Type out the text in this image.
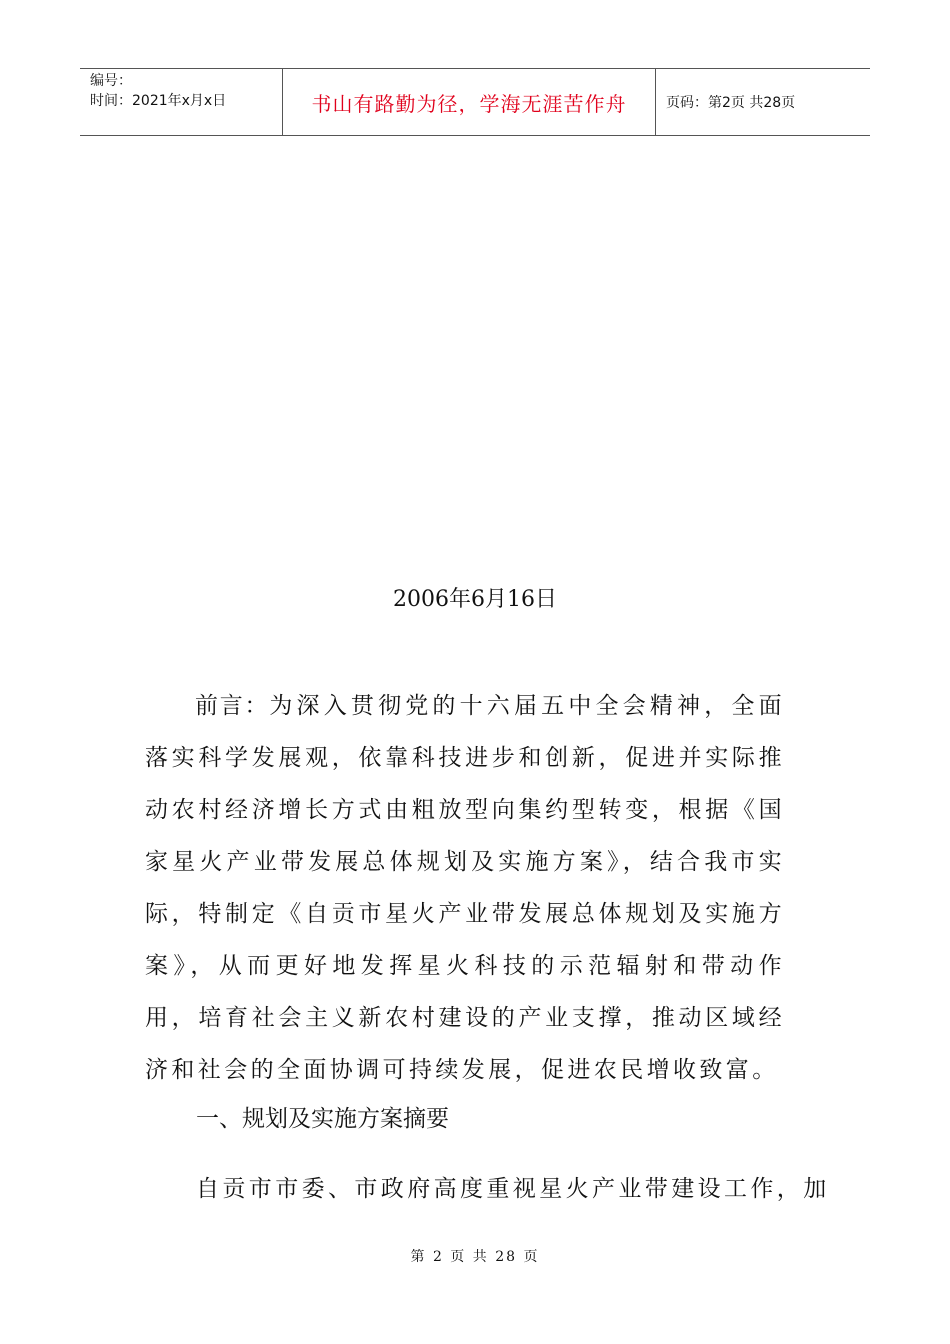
编号：
时间：2021年x月x日	书山有路勤为径，学海无涯苦作舟	页码：第2页 共28页
2006年6月16日

前言：为深入贯彻党的十六届五中全会精神，全面落实科学发展观，依靠科技进步和创新，促进并实际推动农村经济增长方式由粗放型向集约型转变，根据《国家星火产业带发展总体规划及实施方案》，结合我市实际，特制定《自贡市星火产业带发展总体规划及实施方案》，从而更好地发挥星火科技的示范辐射和带动作用，培育社会主义新农村建设的产业支撑，推动区域经济和社会的全面协调可持续发展，促进农民增收致富。

一、规划及实施方案摘要

自贡市市委、市政府高度重视星火产业带建设工作，加

第 2 页 共 28 页
